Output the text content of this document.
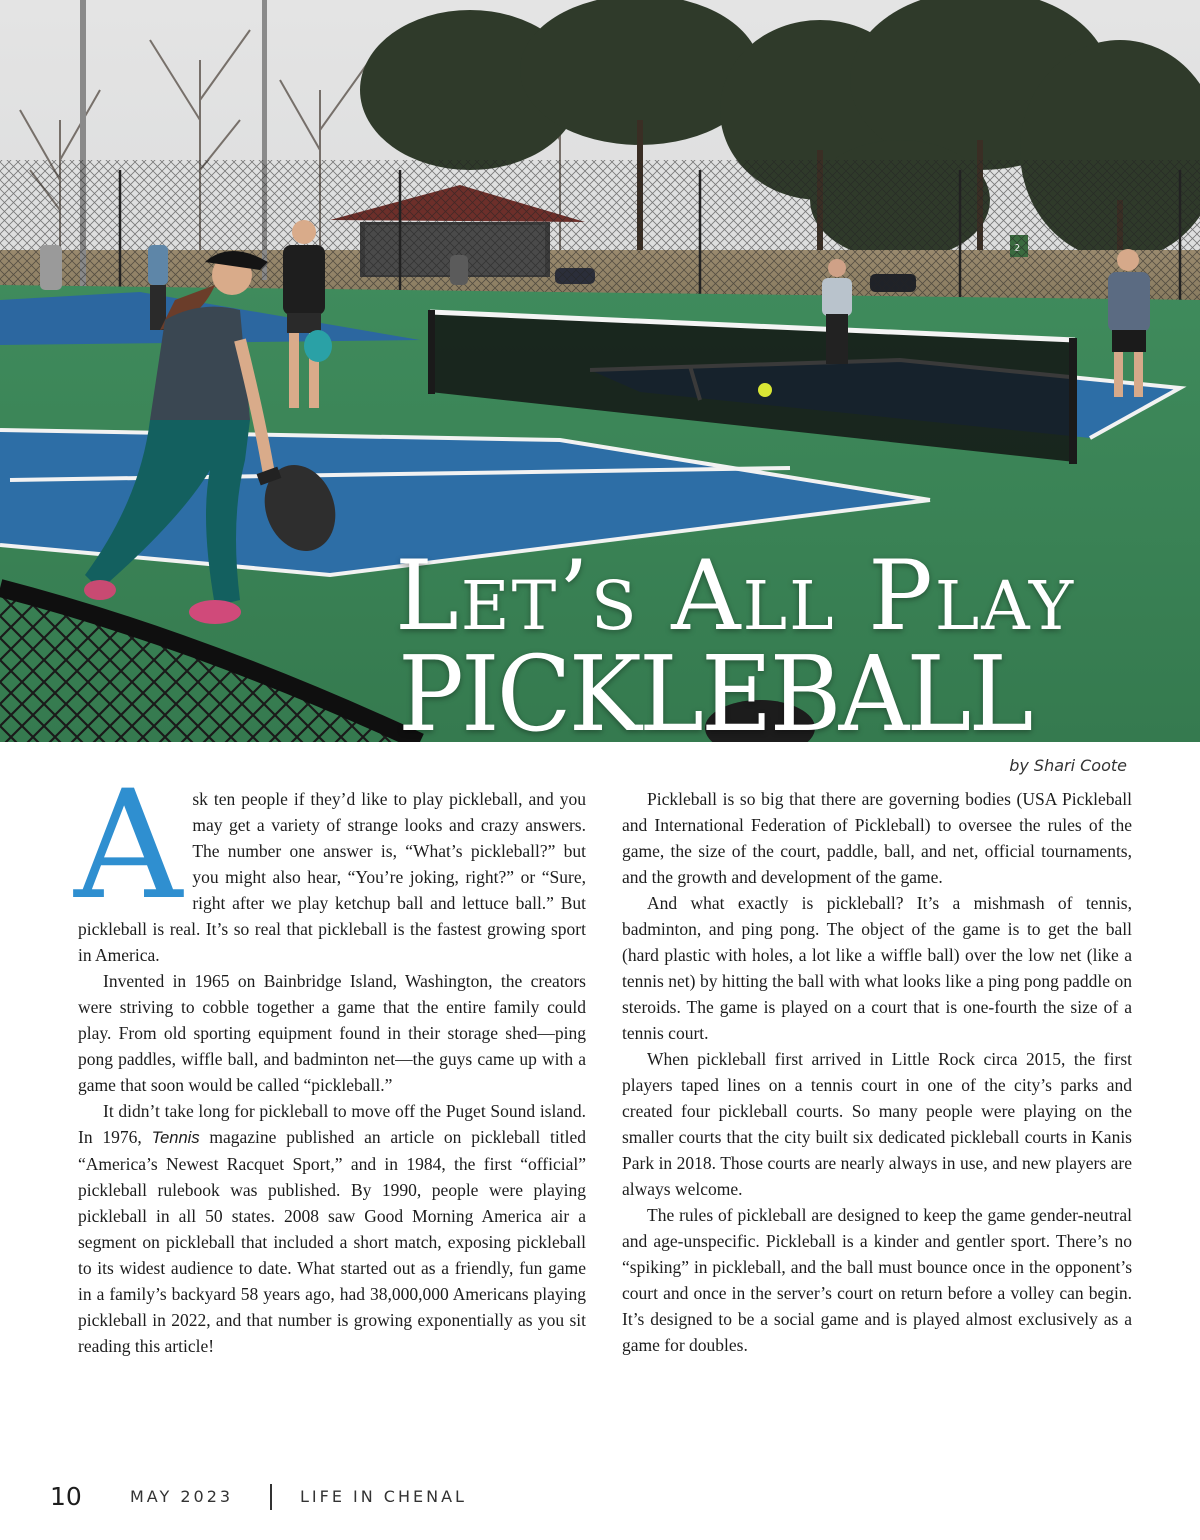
Let’s All Play
PICKLEBALL
by Shari Coote

Ask ten people if they’d like to play pickleball, and you may get a variety of strange looks and crazy answers. The number one answer is, “What’s pickleball?” but you might also hear, “You’re joking, right?” or “Sure, right after we play ketchup ball and lettuce ball.” But pickleball is real. It’s so real that pickleball is the fastest growing sport in America.

Invented in 1965 on Bainbridge Island, Washington, the creators were striving to cobble together a game that the entire family could play. From old sporting equipment found in their storage shed—ping pong paddles, wiffle ball, and badminton net—the guys came up with a game that soon would be called “pickleball.”

It didn’t take long for pickleball to move off the Puget Sound island. In 1976, Tennis magazine published an article on pickleball titled “America’s Newest Racquet Sport,” and in 1984, the first “official” pickleball rulebook was published. By 1990, people were playing pickleball in all 50 states. 2008 saw Good Morning America air a segment on pickleball that included a short match, exposing pickleball to its widest audience to date. What started out as a friendly, fun game in a family’s backyard 58 years ago, had 38,000,000 Americans playing pickleball in 2022, and that number is growing exponentially as you sit reading this article!

Pickleball is so big that there are governing bodies (USA Pickleball and International Federation of Pickleball) to oversee the rules of the game, the size of the court, paddle, ball, and net, official tournaments, and the growth and development of the game.

And what exactly is pickleball? It’s a mishmash of tennis, badminton, and ping pong. The object of the game is to get the ball (hard plastic with holes, a lot like a wiffle ball) over the low net (like a tennis net) by hitting the ball with what looks like a ping pong paddle on steroids. The game is played on a court that is one-fourth the size of a tennis court.

When pickleball first arrived in Little Rock circa 2015, the first players taped lines on a tennis court in one of the city’s parks and created four pickleball courts. So many people were playing on the smaller courts that the city built six dedicated pickleball courts in Kanis Park in 2018. Those courts are nearly always in use, and new players are always welcome.

The rules of pickleball are designed to keep the game gender-neutral and age-unspecific. Pickleball is a kinder and gentler sport. There’s no “spiking” in pickleball, and the ball must bounce once in the opponent’s court and once in the server’s court on return before a volley can begin. It’s designed to be a social game and is played almost exclusively as a game for doubles.

10	MAY 2023	LIFE IN CHENAL
